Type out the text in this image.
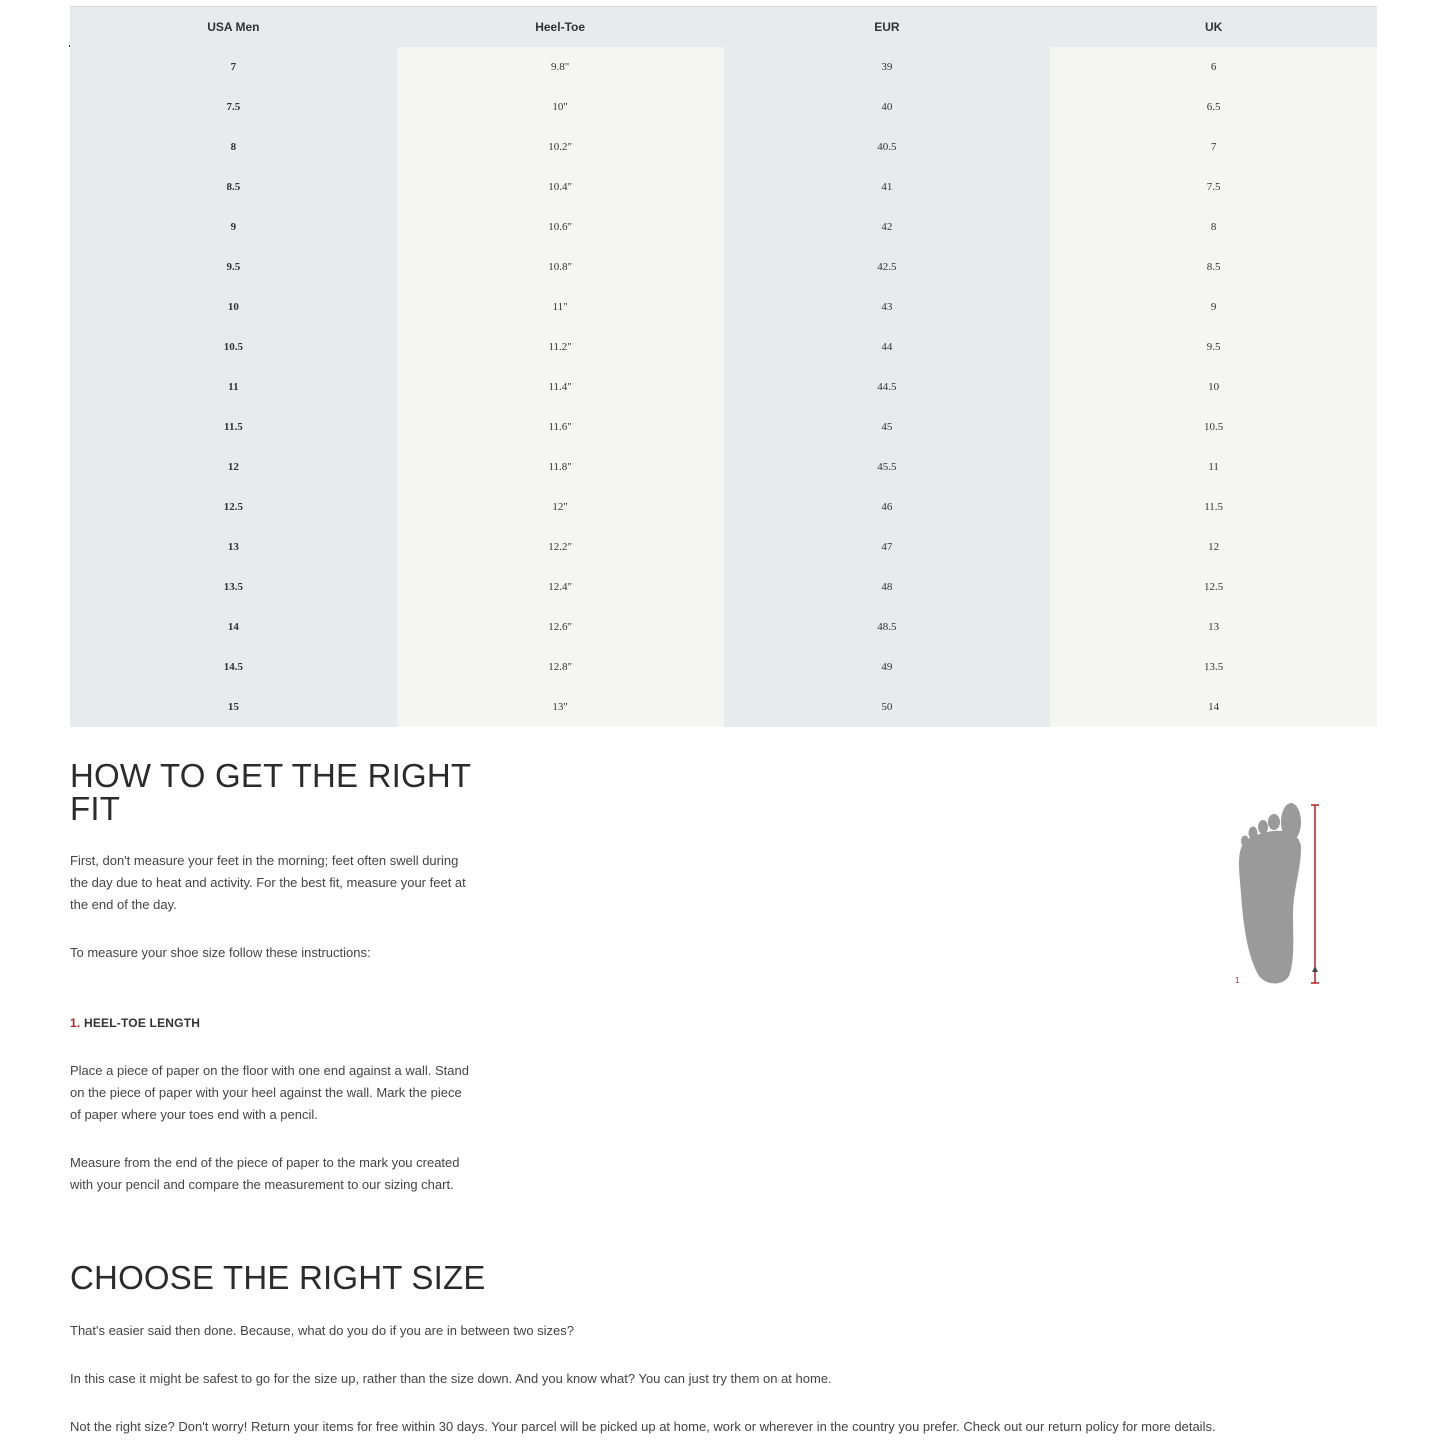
USA Men	Heel-Toe	EUR	UK
7	9.8"	39	6
7.5	10"	40	6.5
8	10.2"	40.5	7
8.5	10.4"	41	7.5
9	10.6"	42	8
9.5	10.8"	42.5	8.5
10	11"	43	9
10.5	11.2"	44	9.5
11	11.4"	44.5	10
11.5	11.6"	45	10.5
12	11.8"	45.5	11
12.5	12"	46	11.5
13	12.2"	47	12
13.5	12.4"	48	12.5
14	12.6"	48.5	13
14.5	12.8"	49	13.5
15	13"	50	14
HOW TO GET THE RIGHT FIT

First, don't measure your feet in the morning; feet often swell during the day due to heat and activity. For the best fit, measure your feet at the end of the day.

To measure your shoe size follow these instructions:

1. HEEL-TOE LENGTH

Place a piece of paper on the floor with one end against a wall. Stand on the piece of paper with your heel against the wall. Mark the piece of paper where your toes end with a pencil.

Measure from the end of the piece of paper to the mark you created with your pencil and compare the measurement to our sizing chart.

1
CHOOSE THE RIGHT SIZE

That's easier said then done. Because, what do you do if you are in between two sizes?

In this case it might be safest to go for the size up, rather than the size down. And you know what? You can just try them on at home.

Not the right size? Don't worry! Return your items for free within 30 days. Your parcel will be picked up at home, work or wherever in the country you prefer. Check out our return policy for more details.
